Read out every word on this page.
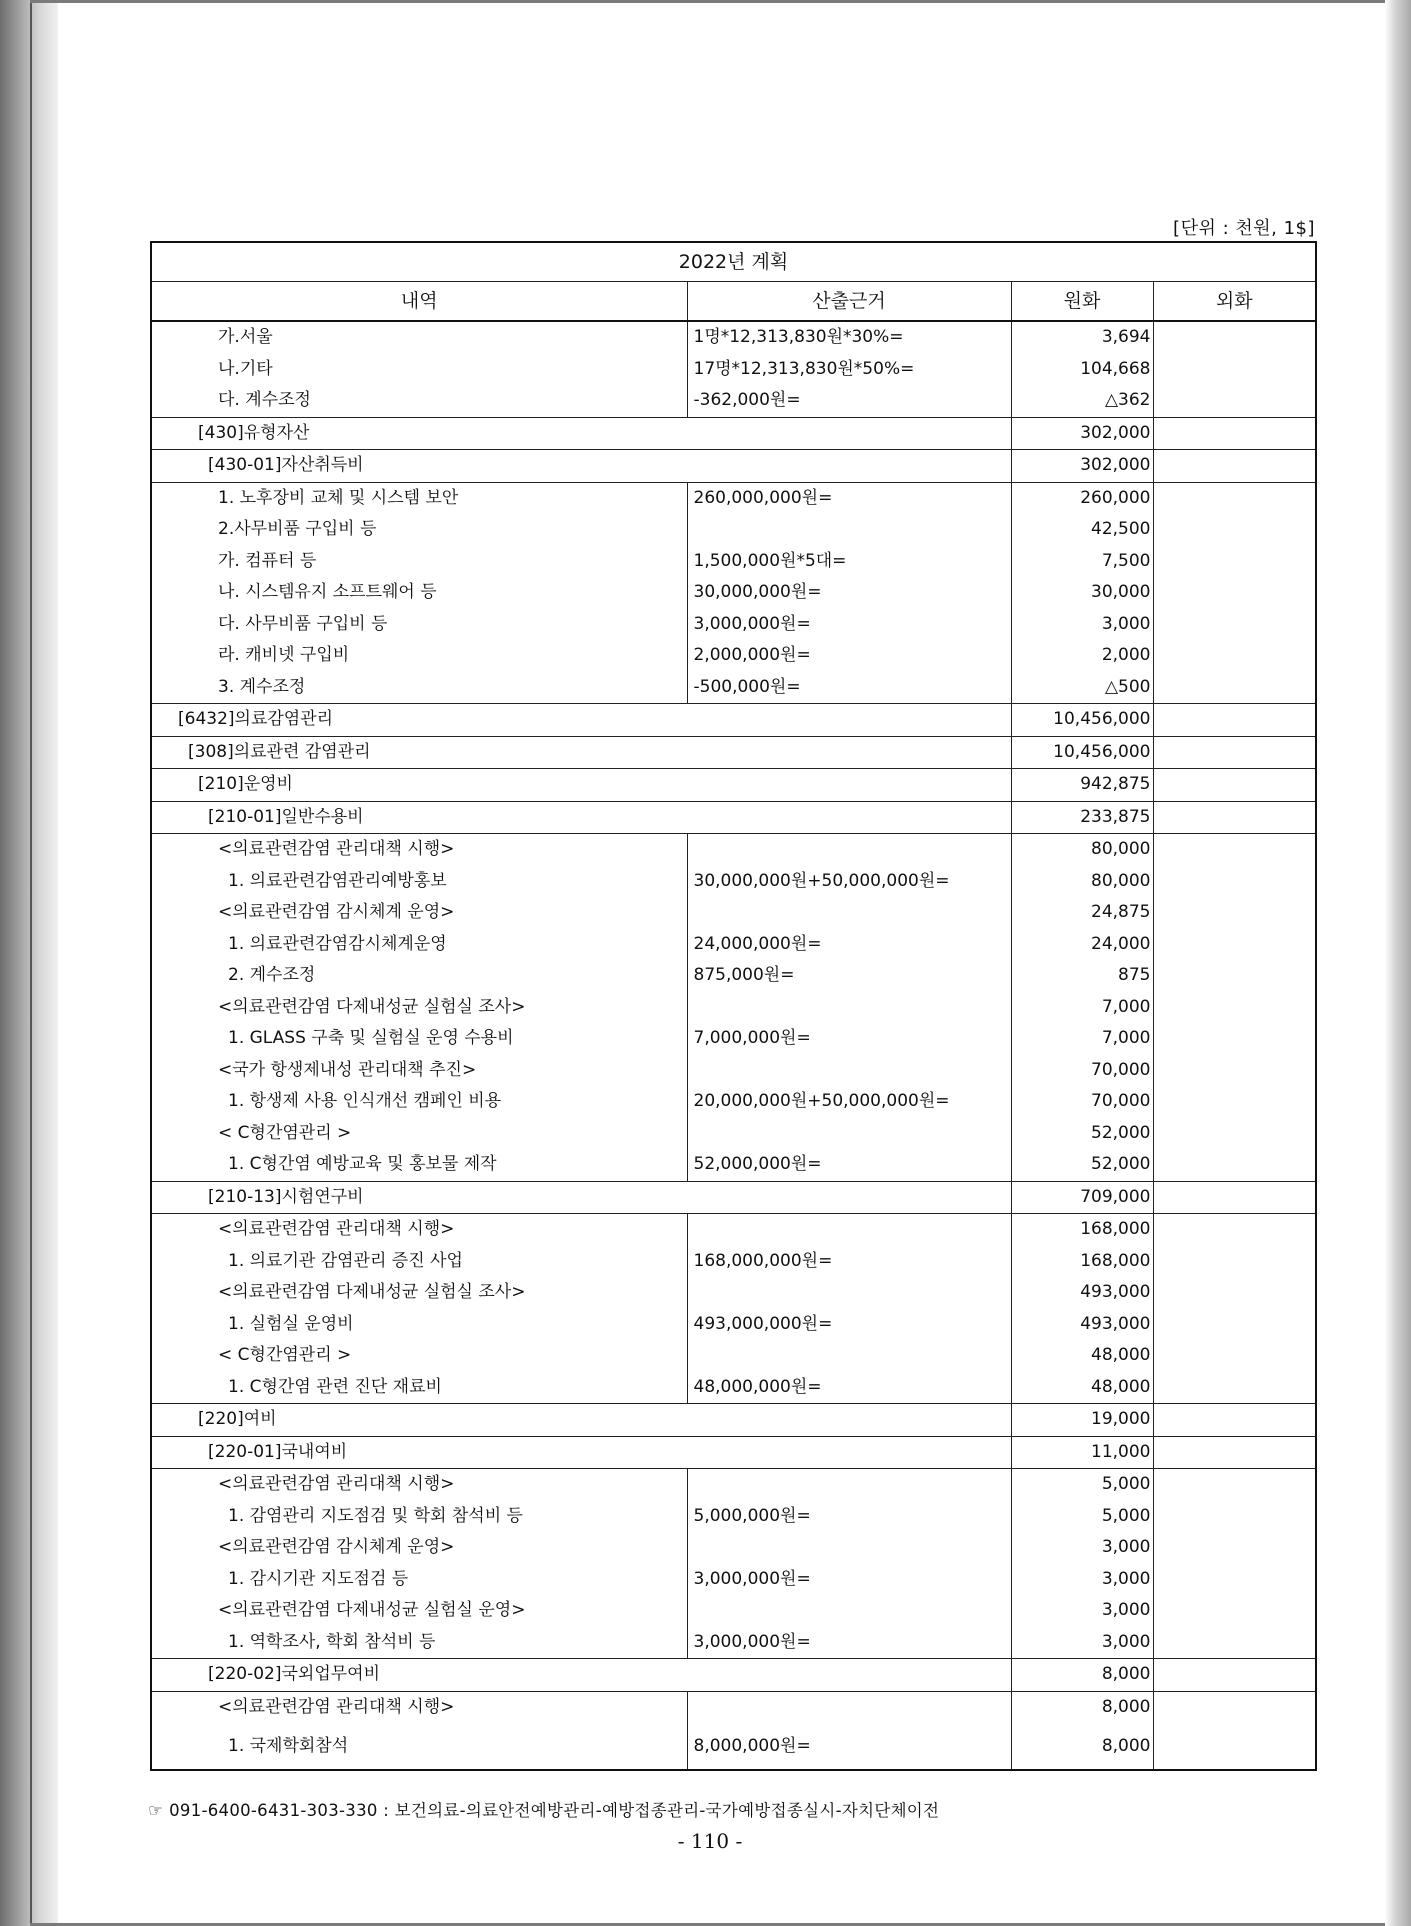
[단위 : 천원, 1$]
2022년 계획			
내역	산출근거	원화	외화
가.서울	1명*12,313,830원*30%=	3,694	
나.기타	17명*12,313,830원*50%=	104,668	
다. 계수조정	-362,000원=	△362	
[430]유형자산		302,000	
[430-01]자산취득비		302,000	
1. 노후장비 교체 및 시스템 보안	260,000,000원=	260,000	
2.사무비품 구입비 등		42,500	
가. 컴퓨터 등	1,500,000원*5대=	7,500	
나. 시스템유지 소프트웨어 등	30,000,000원=	30,000	
다. 사무비품 구입비 등	3,000,000원=	3,000	
라. 캐비넷 구입비	2,000,000원=	2,000	
3. 계수조정	-500,000원=	△500	
[6432]의료감염관리		10,456,000	
[308]의료관련 감염관리		10,456,000	
[210]운영비		942,875	
[210-01]일반수용비		233,875	
<의료관련감염 관리대책 시행>		80,000	
1. 의료관련감염관리예방홍보	30,000,000원+50,000,000원=	80,000	
<의료관련감염 감시체계 운영>		24,875	
1. 의료관련감염감시체계운영	24,000,000원=	24,000	
2. 계수조정	875,000원=	875	
<의료관련감염 다제내성균 실험실 조사>		7,000	
1. GLASS 구축 및 실험실 운영 수용비	7,000,000원=	7,000	
<국가 항생제내성 관리대책 추진>		70,000	
1. 항생제 사용 인식개선 캠페인 비용	20,000,000원+50,000,000원=	70,000	
< C형간염관리 >		52,000	
1. C형간염 예방교육 및 홍보물 제작	52,000,000원=	52,000	
[210-13]시험연구비		709,000	
<의료관련감염 관리대책 시행>		168,000	
1. 의료기관 감염관리 증진 사업	168,000,000원=	168,000	
<의료관련감염 다제내성균 실험실 조사>		493,000	
1. 실험실 운영비	493,000,000원=	493,000	
< C형간염관리 >		48,000	
1. C형간염 관련 진단 재료비	48,000,000원=	48,000	
[220]여비		19,000	
[220-01]국내여비		11,000	
<의료관련감염 관리대책 시행>		5,000	
1. 감염관리 지도점검 및 학회 참석비 등	5,000,000원=	5,000	
<의료관련감염 감시체계 운영>		3,000	
1. 감시기관 지도점검 등	3,000,000원=	3,000	
<의료관련감염 다제내성균 실험실 운영>		3,000	
1. 역학조사, 학회 참석비 등	3,000,000원=	3,000	
[220-02]국외업무여비		8,000	
<의료관련감염 관리대책 시행>		8,000	
1. 국제학회참석	8,000,000원=	8,000	
☞ 091-6400-6431-303-330 : 보건의료-의료안전예방관리-예방접종관리-국가예방접종실시-자치단체이전
- 110 -
